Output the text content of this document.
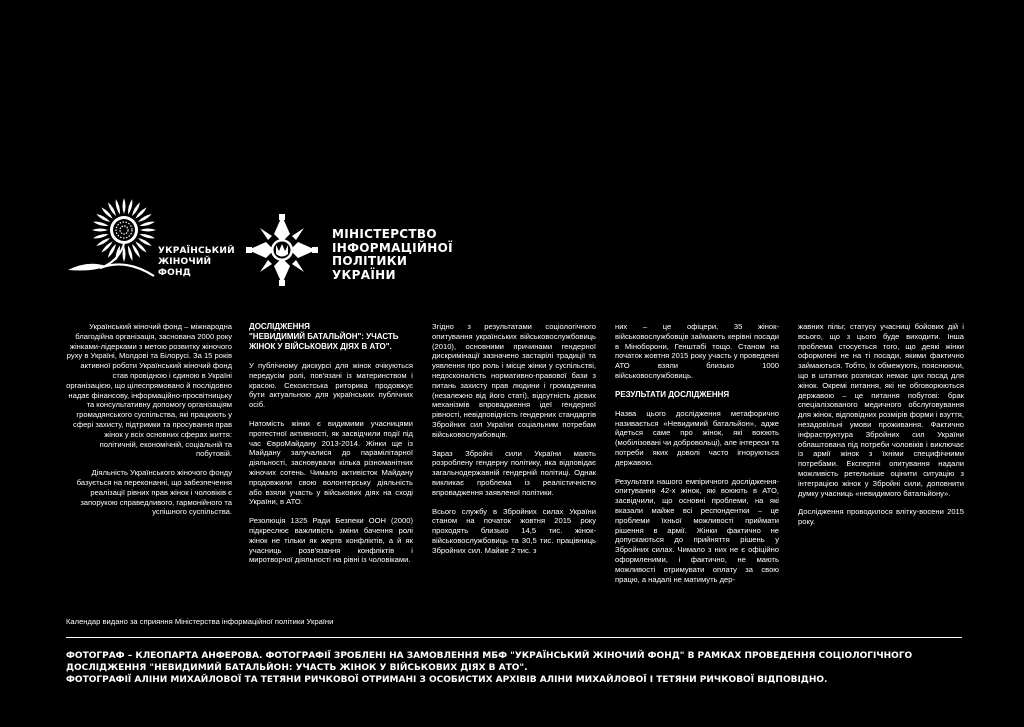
УКРАЇНСЬКИЙ
ЖІНОЧИЙ
ФОНД
МІНІСТЕРСТВО
ІНФОРМАЦІЙНОЇ ПОЛІТИКИ
УКРАЇНИ

Український жіночий фонд – міжнародна благодійна організація, заснована 2000 року жінками-лідерками з метою розвитку жіночого руху в Україні, Молдові та Білорусі. За 15 років активної роботи Український жіночий фонд став провідною і єдиною в Україні організацією, що цілеспрямовано й послідовно надає фінансову, інформаційно-просвітницьку та консультативну допомогу організаціям громадянського суспільства, які працюють у сфері захисту, підтримки та просування прав жінок у всіх основних сферах життя: політичній, економічній, соціальній та побутовій.

Діяльність Українського жіночого фонду базується на переконанні, що забезпечення реалізації рівних прав жінок і чоловіків є запорукою справедливого, гармонійного та успішного суспільства.

ДОСЛІДЖЕННЯ
"НЕВИДИМИЙ БАТАЛЬЙОН": УЧАСТЬ ЖІНОК У ВІЙСЬКОВИХ ДІЯХ В АТО".

У публічному дискурсі для жінок очікуються передусім ролі, пов'язані із материнством і красою. Сексистська риторика продовжує бути актуальною для українських публічних осіб.

Натомість жінки є видимими учасницями протестної активності, як засвідчили події під час ЄвроМайдану 2013-2014. Жінки ще із Майдану залучалися до парамілітарної діяльності, засновували кілька різноманітних жіночих сотень. Чимало активісток Майдану продовжили свою волонтерську діяльність або взяли участь у військових діях на сході України, в АТО.

Резолюція 1325 Ради Безпеки ООН (2000) підкреслює важливість зміни бачення ролі жінок не тільки як жертв конфліктів, а й як учасниць розв'язання конфліктів і миротворчої діяльності на рівні із чоловіками.

Згідно з результатами соціологічного опитування українських військовослужбовиць (2010), основними причинами гендерної дискримінації зазначено застарілі традиції та уявлення про роль і місце жінки у суспільстві, недосконалість нормативно-правової бази з питань захисту прав людини і громадянина (незалежно від його статі), відсутність дієвих механізмів впровадження ідеї гендерної рівності, невідповідність гендерних стандартів Збройних сил України соціальним потребам військовослужбовців.

Зараз Збройні сили України мають розроблену гендерну політику, яка відповідає загальнодержавній гендерній політиці. Однак викликає проблема із реалістичністю впровадження заявленої політики.

Всього службу в Збройних силах України станом на початок жовтня 2015 року проходять близько 14,5 тис. жінок-військовослужбовиць та 30,5 тис. працівниць Збройних сил. Майже 2 тис. з

них – це офіцери, 35 жінок-військовослужбовців займають керівні посади в Міноборони, Генштабі тощо. Станом на початок жовтня 2015 року участь у проведенні АТО взяли близько 1000 військовослужбовиць.

РЕЗУЛЬТАТИ ДОСЛІДЖЕННЯ

Назва цього дослідження метафорично називається «Невидимий батальйон», адже йдеться саме про жінок, які воюють (мобілізовані чи добровольці), але інтереси та потреби яких доволі часто ігноруються державою.

Результати нашого емпіричного дослідження-опитування 42-х жінок, які воюють в АТО, засвідчили, що основні проблеми, на які вказали майже всі респондентки – це проблеми їхньої можливості приймати рішення в армії. Жінки фактично не допускаються до прийняття рішень у Збройних силах. Чимало з них не є офіційно оформленими, і фактично, не мають можливості отримувати оплату за свою працю, а надалі не матимуть дер-

жавних пільг, статусу учасниці бойових дій і всього, що з цього буде виходити. Інша проблема стосується того, що деякі жінки оформлені не на ті посади, якими фактично займаються. Тобто, їх обмежують, пояснюючи, що в штатних розписах немає цих посад для жінок. Окремі питання, які не обговорюються державою – це питання побутові: брак спеціалізованого медичного обслуговування для жінок, відповідних розмірів форми і взуття, незадовільні умови проживання. Фактично інфраструктура Збройних сил України облаштована під потреби чоловіків і виключає із армії жінок з їхніми специфічними потребами. Експертні опитування надали можливість ретельніше оцінити ситуацію з інтеграцією жінок у Збройні сили, доповнити думку учасниць «невидимого батальйону».

Дослідження проводилося влітку-восени 2015 року.

Календар видано за сприяння Міністерства інформаційної політики України
ФОТОГРАФ – КЛЕОПАРТА АНФЕРОВА. ФОТОГРАФІЇ ЗРОБЛЕНІ НА ЗАМОВЛЕННЯ МБФ "УКРАЇНСЬКИЙ ЖІНОЧИЙ ФОНД" В РАМКАХ ПРОВЕДЕННЯ СОЦІОЛОГІЧНОГО
ДОСЛІДЖЕННЯ "НЕВИДИМИЙ БАТАЛЬЙОН: УЧАСТЬ ЖІНОК У ВІЙСЬКОВИХ ДІЯХ В АТО".
ФОТОГРАФІЇ АЛІНИ МИХАЙЛОВОЇ ТА ТЕТЯНИ РИЧКОВОЇ ОТРИМАНІ З ОСОБИСТИХ АРХІВІВ АЛІНИ МИХАЙЛОВОЇ І ТЕТЯНИ РИЧКОВОЇ ВІДПОВІДНО.
